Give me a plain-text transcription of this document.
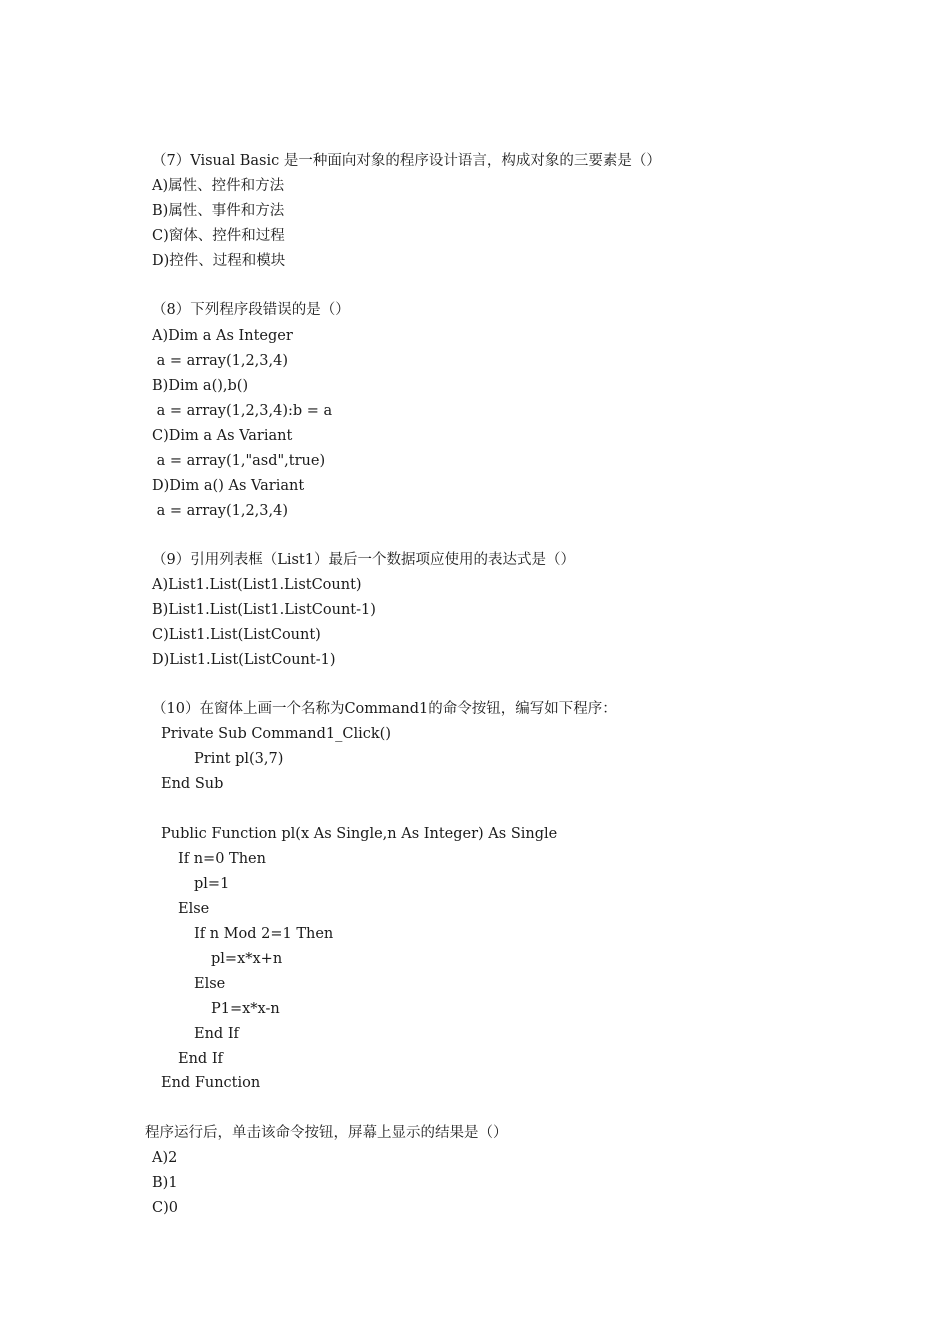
（7）Visual Basic 是一种面向对象的程序设计语言，构成对象的三要素是（）
A)属性、控件和方法
B)属性、事件和方法
C)窗体、控件和过程
D)控件、过程和模块
（8）下列程序段错误的是（）
A)Dim a As Integer
a = array(1,2,3,4)
B)Dim a(),b()
a = array(1,2,3,4):b = a
C)Dim a As Variant
a = array(1,"asd",true)
D)Dim a() As Variant
a = array(1,2,3,4)
（9）引用列表框（List1）最后一个数据项应使用的表达式是（）
A)List1.List(List1.ListCount)
B)List1.List(List1.ListCount-1)
C)List1.List(ListCount)
D)List1.List(ListCount-1)
（10）在窗体上画一个名称为Command1的命令按钮，编写如下程序：
Private Sub Command1_Click()
Print pl(3,7)
End Sub
Public Function pl(x As Single,n As Integer) As Single
If n=0 Then
pl=1
Else
If n Mod 2=1 Then
pl=x*x+n
Else
P1=x*x-n
End If
End If
End Function
程序运行后，单击该命令按钮，屏幕上显示的结果是（）
A)2
B)1
C)0
